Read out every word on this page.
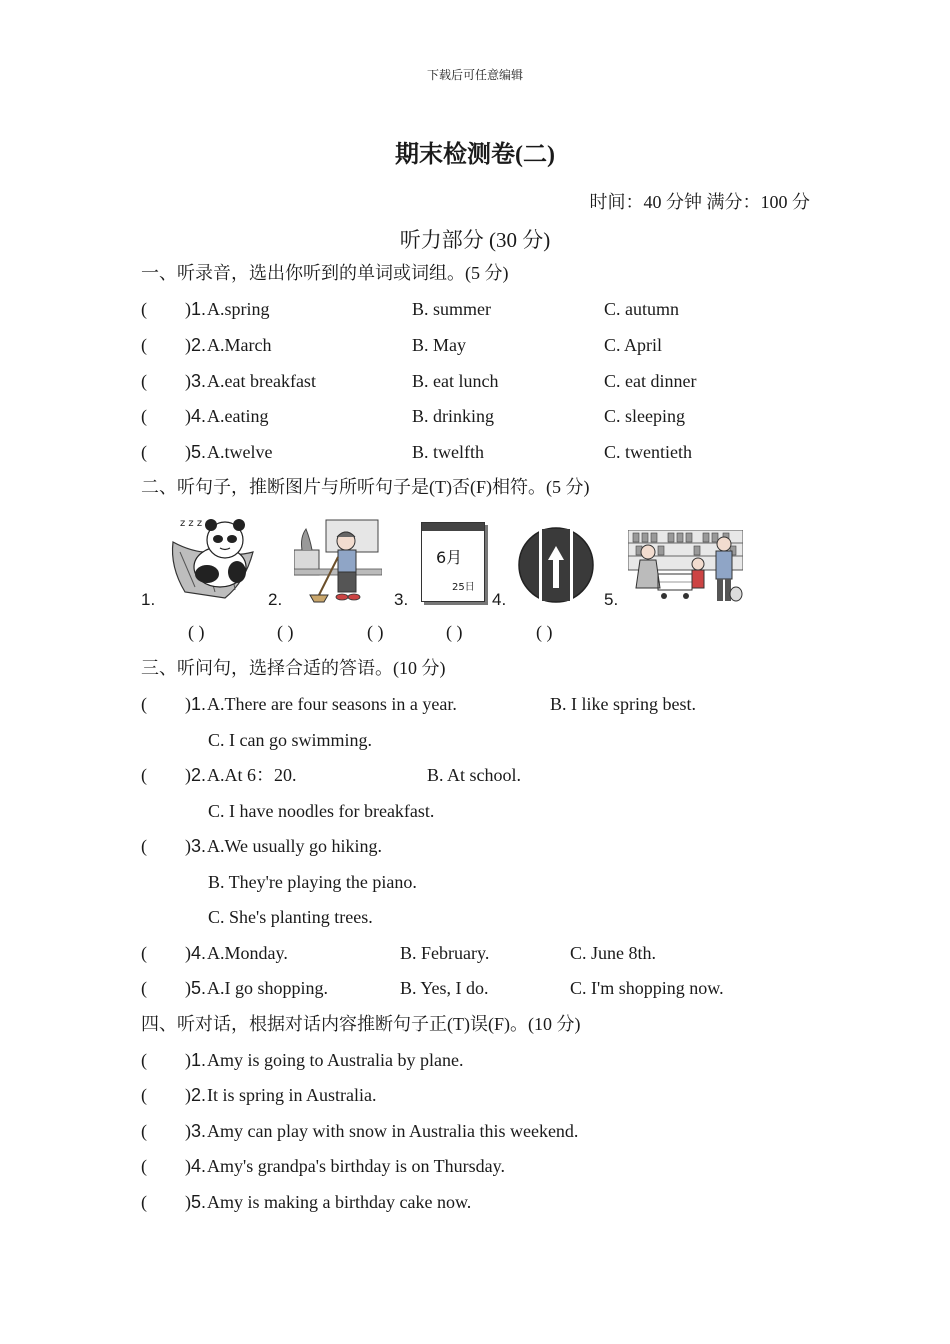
下载后可任意编辑
期末检测卷(二)
时间：40 分钟 满分：100 分
听力部分 (30 分)
一、听录音，选出你听到的单词或词组。(5 分)
( ) 1. A.spring	B. summer	C. autumn
( ) 2. A.March	B. May	C. April
( ) 3. A.eat breakfast	B. eat lunch	C. eat dinner
( ) 4. A.eating	B. drinking	C. sleeping
( ) 5. A.twelve	B. twelfth	C. twentieth
二、听句子，推断图片与所听句子是(T)否(F)相符。(5 分)
1.
z z z
2.	3.
6月
25日
4.	5.
( )	( )	( )	( )	( )
三、听问句，选择合适的答语。(10 分)
( ) 1. A.There are four seasons in a year.	B. I like spring best.
C. I can go swimming.
( ) 2. A.At 6：20.	B. At school.
C. I have noodles for breakfast.
( ) 3. A.We usually go hiking.
B. They're playing the piano.
C. She's planting trees.
( ) 4. A.Monday.	B. February.	C. June 8th.
( ) 5. A.I go shopping.	B. Yes, I do.	C. I'm shopping now.
四、听对话，根据对话内容推断句子正(T)误(F)。(10 分)
( ) 1. Amy is going to Australia by plane.
( ) 2. It is spring in Australia.
( ) 3. Amy can play with snow in Australia this weekend.
( ) 4. Amy's grandpa's birthday is on Thursday.
( ) 5. Amy is making a birthday cake now.
